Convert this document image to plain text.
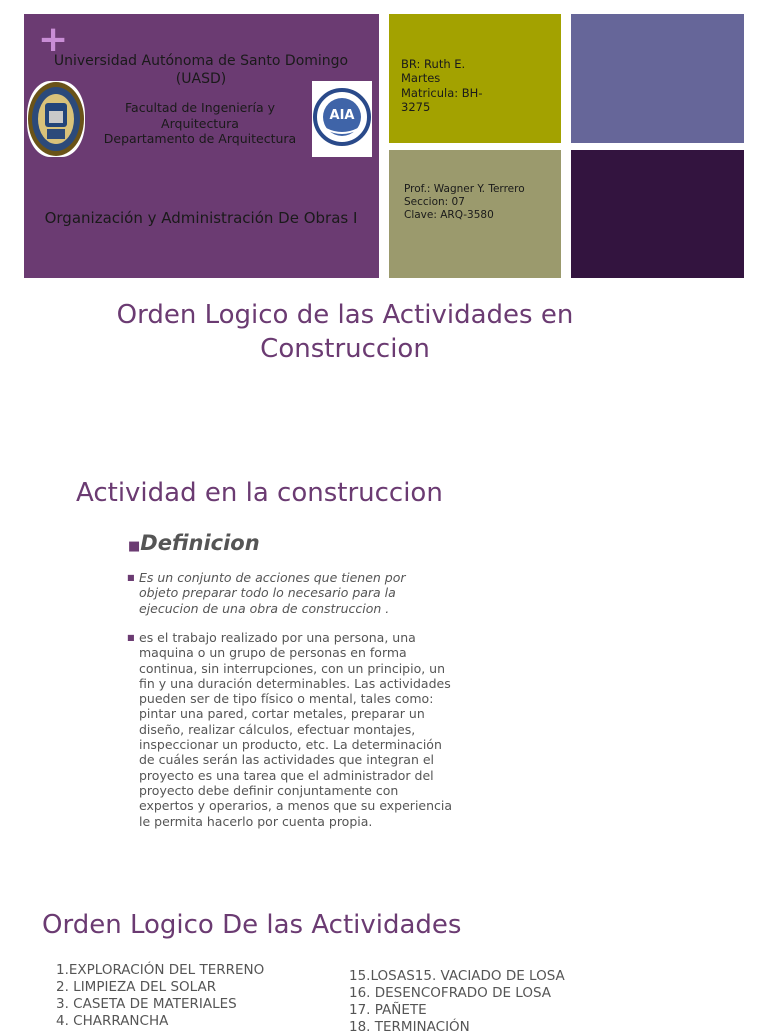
+
Universidad Autónoma de Santo Domingo (UASD)
Facultad de Ingeniería y
Arquitectura
Departamento de Arquitectura
AIA
Organización y Administración De Obras I
BR: Ruth E.
Martes
Matricula: BH-
3275
Prof.: Wagner Y. Terrero
Seccion: 07
Clave: ARQ-3580
Orden Logico de las Actividades en
Construccion
Actividad en la construccion
■Definicion
■ Es un conjunto de acciones que tienen por objeto preparar todo lo necesario para la ejecucion de una obra de construccion .
■ es el trabajo realizado por una persona, una maquina o un grupo de personas en forma continua, sin interrupciones, con un principio, un fin y una duración determinables. Las actividades pueden ser de tipo físico o mental, tales como: pintar una pared, cortar metales, preparar un diseño, realizar cálculos, efectuar montajes, inspeccionar un producto, etc. La determinación de cuáles serán las actividades que integran el proyecto es una tarea que el administrador del proyecto debe definir conjuntamente con expertos y operarios, a menos que su experiencia le permita hacerlo por cuenta propia.
Orden Logico De las Actividades
1.EXPLORACIÓN DEL TERRENO
2. LIMPIEZA DEL SOLAR
3. CASETA DE MATERIALES
4. CHARRANCHA
15.LOSAS15. VACIADO DE LOSA
16. DESENCOFRADO DE LOSA
17. PAÑETE
18. TERMINACIÓN
